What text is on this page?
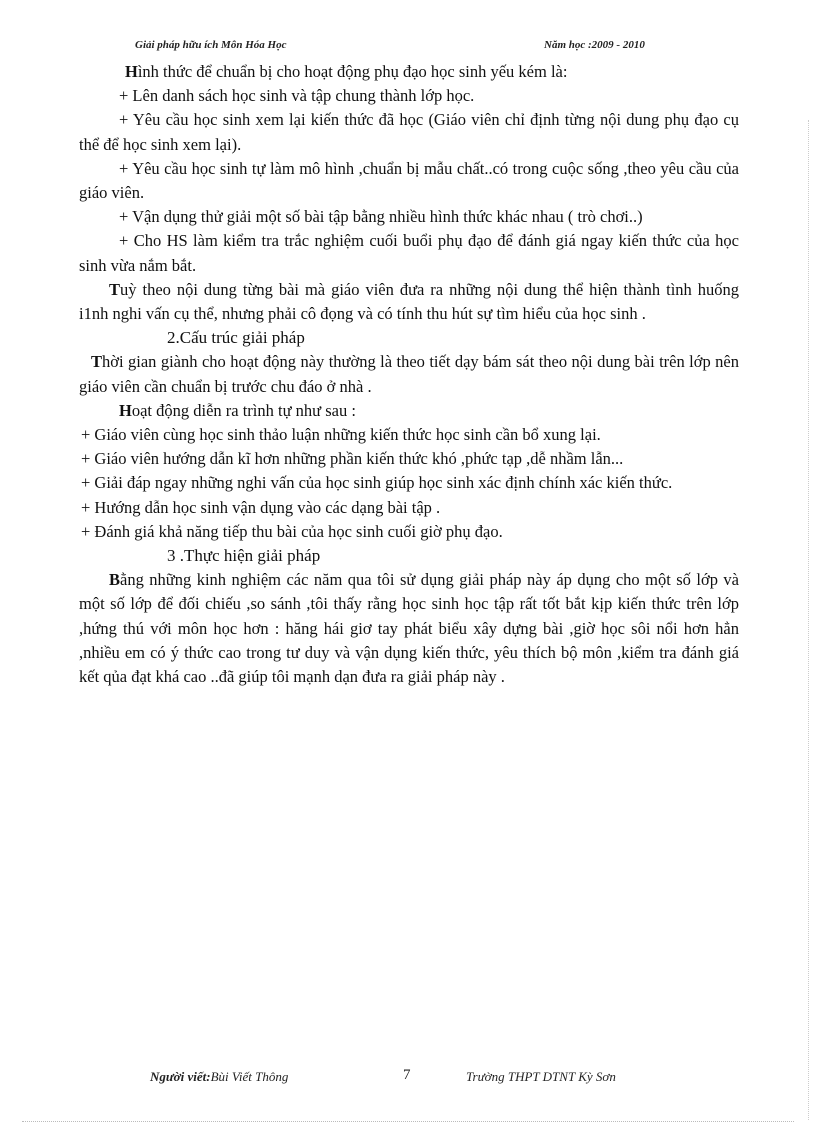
Giải pháp hữu ích Môn Hóa Học	Năm học :2009 - 2010

Hình thức để chuẩn bị cho hoạt động phụ đạo học sinh yếu kém là:

+ Lên danh sách học sinh và tập chung thành lớp học.

+ Yêu cầu học sinh xem lại kiến thức đã học (Giáo viên chỉ định từng nội dung phụ đạo cụ thể để học sinh xem lại).

+ Yêu cầu học sinh tự làm mô hình ,chuẩn bị mẫu chất..có trong cuộc sống ,theo yêu cầu của giáo viên.

+ Vận dụng thử giải một số bài tập bằng nhiều hình thức khác nhau ( trò chơi..)

+ Cho HS làm kiểm tra trắc nghiệm cuối buổi phụ đạo để đánh giá ngay kiến thức của học sinh vừa nắm bắt.

Tuỳ theo nội dung từng bài mà giáo viên đưa ra những nội dung thể hiện thành tình huống i1nh nghi vấn cụ thể, nhưng phải cô đọng và có tính thu hút sự tìm hiểu của học sinh .

2.Cấu trúc giải pháp

Thời gian giành cho hoạt động này thường là theo tiết dạy bám sát theo nội dung bài trên lớp nên giáo viên cần chuẩn bị trước chu đáo ở nhà .

Hoạt động diễn ra trình tự như sau :

+ Giáo viên cùng học sinh thảo luận những kiến thức học sinh cần bổ xung lại.

+ Giáo viên hướng dẫn kĩ hơn những phần kiến thức khó ,phức tạp ,dễ nhầm lẫn...

+ Giải đáp ngay những nghi vấn của học sinh giúp học sinh xác định chính xác kiến thức.

+ Hướng dẫn học sinh vận dụng vào các dạng bài tập .

+ Đánh giá khả năng tiếp thu bài của học sinh cuối giờ phụ đạo.

3 .Thực hiện giải pháp

Bằng những kinh nghiệm các năm qua tôi sử dụng giải pháp này áp dụng cho một số lớp và một số lớp để đối chiếu ,so sánh ,tôi thấy rằng học sinh học tập rất tốt bắt kịp kiến thức trên lớp ,hứng thú với môn học hơn : hăng hái giơ tay phát biểu xây dựng bài ,giờ học sôi nổi hơn hẳn ,nhiều em có ý thức cao trong tư duy và vận dụng kiến thức, yêu thích bộ môn ,kiểm tra đánh giá kết qủa đạt khá cao ..đã giúp tôi mạnh dạn đưa ra giải pháp này .

Người viết:Bùi Viết Thông	7	Trường THPT DTNT Kỳ Sơn
